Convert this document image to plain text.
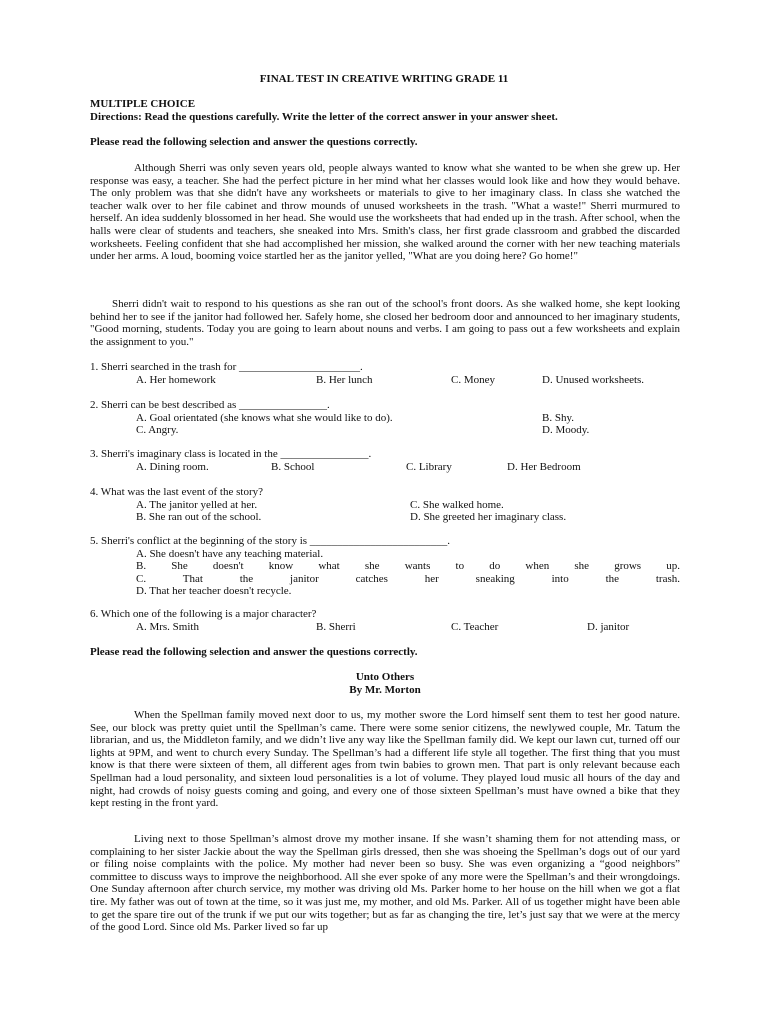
FINAL TEST IN CREATIVE WRITING GRADE 11
MULTIPLE CHOICE
Directions: Read the questions carefully. Write the letter of the correct answer in your answer sheet.
Please read the following selection and answer the questions correctly.

Although Sherri was only seven years old, people always wanted to know what she wanted to be when she grew up. Her response was easy, a teacher. She had the perfect picture in her mind what her classes would look like and how they would behave. The only problem was that she didn't have any worksheets or materials to give to her imaginary class. In class she watched the teacher walk over to her file cabinet and throw mounds of unused worksheets in the trash. "What a waste!" Sherri murmured to herself. An idea suddenly blossomed in her head. She would use the worksheets that had ended up in the trash. After school, when the halls were clear of students and teachers, she sneaked into Mrs. Smith's class, her first grade classroom and grabbed the discarded worksheets. Feeling confident that she had accomplished her mission, she walked around the corner with her new teaching materials under her arms. A loud, booming voice startled her as the janitor yelled, "What are you doing here? Go home!"

Sherri didn't wait to respond to his questions as she ran out of the school's front doors. As she walked home, she kept looking behind her to see if the janitor had followed her. Safely home, she closed her bedroom door and announced to her imaginary students, "Good morning, students. Today you are going to learn about nouns and verbs. I am going to pass out a few worksheets and explain the assignment to you."

1. Sherri searched in the trash for ______________________.
A. Her homework	B. Her lunch	C. Money	D. Unused worksheets.
2. Sherri can be best described as ________________.
A. Goal orientated (she knows what she would like to do).	B. Shy.
C. Angry.	D. Moody.
3. Sherri's imaginary class is located in the ________________.
A. Dining room.	B. School	C. Library	D. Her Bedroom
4. What was the last event of the story?
A. The janitor yelled at her.	C. She walked home.
B. She ran out of the school.	D. She greeted her imaginary class.
5. Sherri's conflict at the beginning of the story is _________________________.
A. She doesn't have any teaching material.
B. She doesn't know what she wants to do when she grows up.
C. That the janitor catches her sneaking into the trash.
D. That her teacher doesn't recycle.
6. Which one of the following is a major character?
A. Mrs. Smith	B. Sherri	C. Teacher	D. janitor
Please read the following selection and answer the questions correctly.
Unto Others
By Mr. Morton

When the Spellman family moved next door to us, my mother swore the Lord himself sent them to test her good nature. See, our block was pretty quiet until the Spellman’s came. There were some senior citizens, the newlywed couple, Mr. Tatum the librarian, and us, the Middleton family, and we didn’t live any way like the Spellman family did. We kept our lawn cut, turned off our lights at 9PM, and went to church every Sunday. The Spellman’s had a different life style all together. The first thing that you must know is that there were sixteen of them, all different ages from twin babies to grown men. That part is only relevant because each Spellman had a loud personality, and sixteen loud personalities is a lot of volume. They played loud music all hours of the day and night, had crowds of noisy guests coming and going, and every one of those sixteen Spellman’s must have owned a bike that they kept resting in the front yard.

Living next to those Spellman’s almost drove my mother insane. If she wasn’t shaming them for not attending mass, or complaining to her sister Jackie about the way the Spellman girls dressed, then she was shoeing the Spellman’s dogs out of our yard or filing noise complaints with the police. My mother had never been so busy. She was even organizing a “good neighbors” committee to discuss ways to improve the neighborhood. All she ever spoke of any more were the Spellman’s and their wrongdoings. One Sunday afternoon after church service, my mother was driving old Ms. Parker home to her house on the hill when we got a flat tire. My father was out of town at the time, so it was just me, my mother, and old Ms. Parker. All of us together might have been able to get the spare tire out of the trunk if we put our wits together; but as far as changing the tire, let’s just say that we were at the mercy of the good Lord. Since old Ms. Parker lived so far up
